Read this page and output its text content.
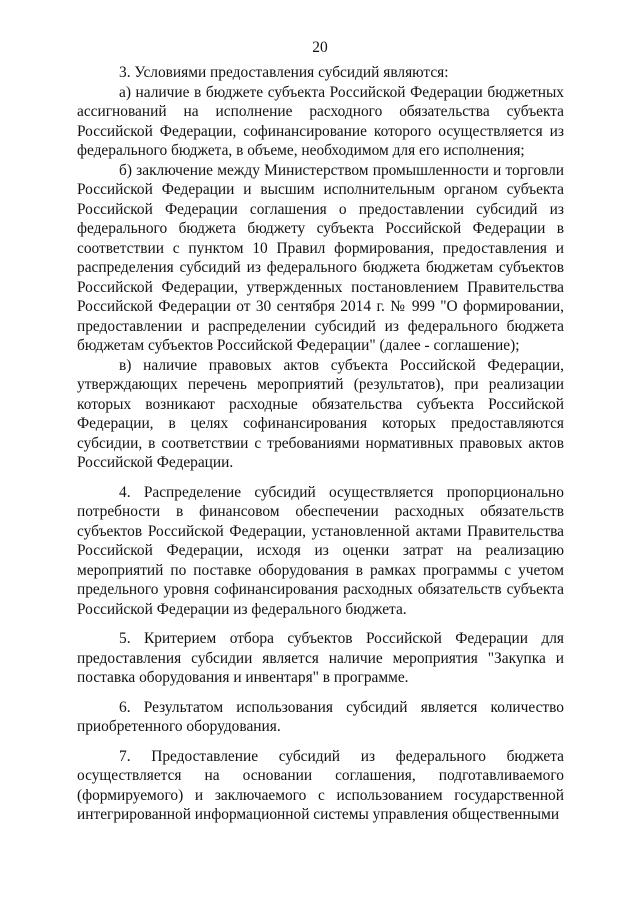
20

3. Условиями предоставления субсидий являются:

а) наличие в бюджете субъекта Российской Федерации бюджетных ассигнований на исполнение расходного обязательства субъекта Российской Федерации, софинансирование которого осуществляется из федерального бюджета, в объеме, необходимом для его исполнения;

б) заключение между Министерством промышленности и торговли Российской Федерации и высшим исполнительным органом субъекта Российской Федерации соглашения о предоставлении субсидий из федерального бюджета бюджету субъекта Российской Федерации в соответствии с пунктом 10 Правил формирования, предоставления и распределения субсидий из федерального бюджета бюджетам субъектов Российской Федерации, утвержденных постановлением Правительства Российской Федерации от 30 сентября 2014 г. № 999 "О формировании, предоставлении и распределении субсидий из федерального бюджета бюджетам субъектов Российской Федерации" (далее - соглашение);

в) наличие правовых актов субъекта Российской Федерации, утверждающих перечень мероприятий (результатов), при реализации которых возникают расходные обязательства субъекта Российской Федерации, в целях софинансирования которых предоставляются субсидии, в соответствии с требованиями нормативных правовых актов Российской Федерации.

4. Распределение субсидий осуществляется пропорционально потребности в финансовом обеспечении расходных обязательств субъектов Российской Федерации, установленной актами Правительства Российской Федерации, исходя из оценки затрат на реализацию мероприятий по поставке оборудования в рамках программы с учетом предельного уровня софинансирования расходных обязательств субъекта Российской Федерации из федерального бюджета.

5. Критерием отбора субъектов Российской Федерации для предоставления субсидии является наличие мероприятия "Закупка и поставка оборудования и инвентаря" в программе.

6. Результатом использования субсидий является количество приобретенного оборудования.

7. Предоставление субсидий из федерального бюджета осуществляется на основании соглашения, подготавливаемого (формируемого) и заключаемого с использованием государственной интегрированной информационной системы управления общественными
